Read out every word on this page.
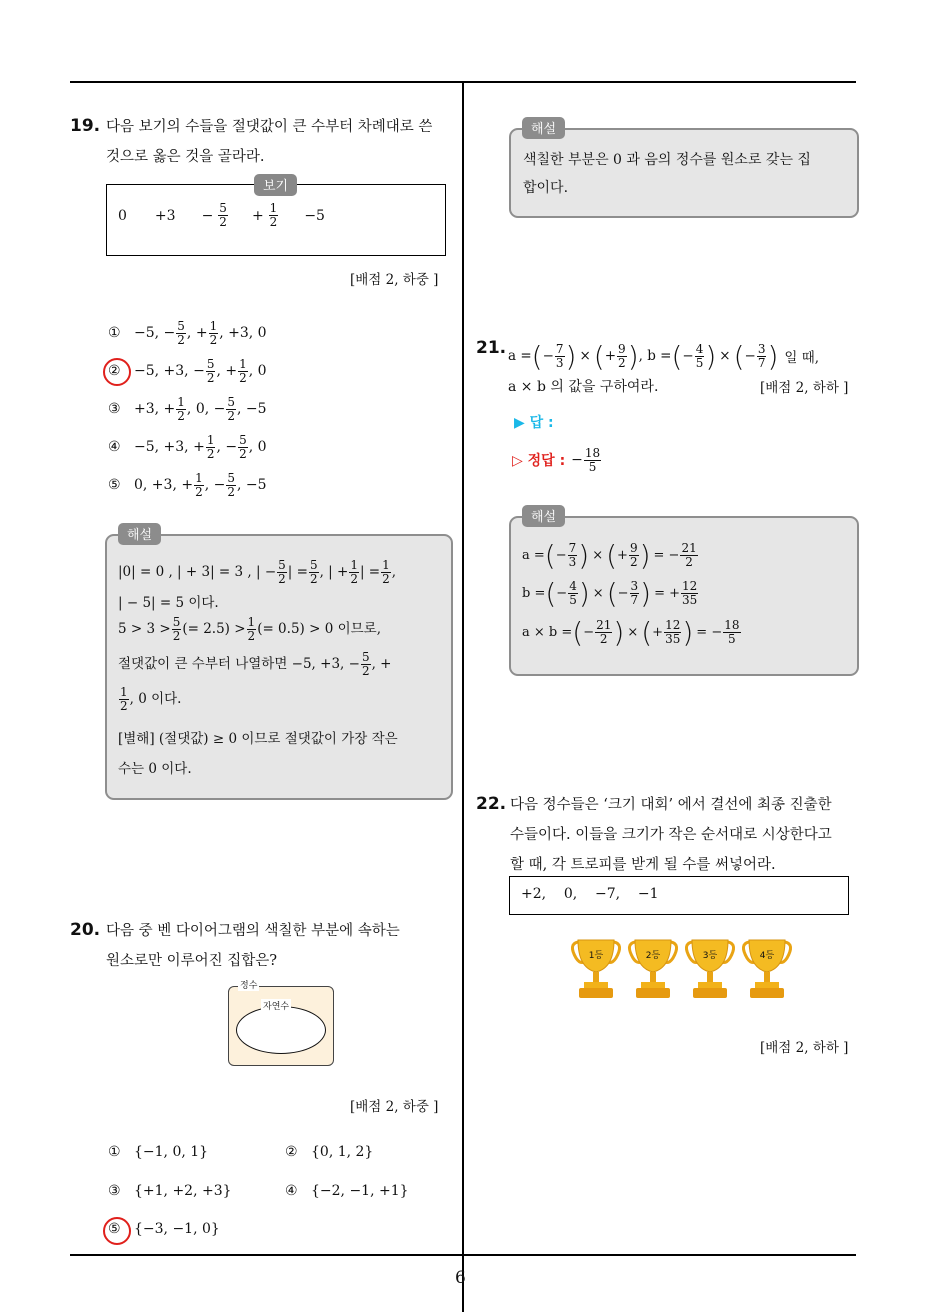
6
19. 다음 보기의 수들을 절댓값이 큰 수부터 차례대로 쓴
것으로 옳은 것을 골라라.
보기
$0 +3 - \frac{5}{2} + \frac{1}{2} -5$
[배점 2, 하중 ]
① −5, − $\frac{5}{2}$ , + $\frac{1}{2}$ , +3, 0
② −5, +3, − $\frac{5}{2}$ , + $\frac{1}{2}$ , 0
③ +3, + $\frac{1}{2}$ , 0, − $\frac{5}{2}$ , −5
④ −5, +3, + $\frac{1}{2}$ , − $\frac{5}{2}$ , 0
⑤ 0, +3, + $\frac{1}{2}$ , − $\frac{5}{2}$ , −5
해설
|0| = 0 , | + 3| = 3 , | − $\frac{5}{2}$ | = $\frac{5}{2}$ , | + $\frac{1}{2}$ | = $\frac{1}{2}$ ,
| − 5| = 5 이다.
$5 > 3 > \frac{5}{2}$ (= $2.5) > \frac{1}{2}$ (= 0.5) > 0 이므로,
절댓값이 큰 수부터 나열하면 −5, +3, − $\frac{5}{2}$ , +
$\frac{1}{2}$ , 0 이다.
[별해] (절댓값) ≥ 0 이므로 절댓값이 가장 작은
수는 0 이다.
20. 다음 중 벤 다이어그램의 색칠한 부분에 속하는
원소로만 이루어진 집합은?
정수
자연수
[배점 2, 하중 ]
① {−1, 0, 1}	② {0, 1, 2}
③ {+1, +2, +3}	④ {−2, −1, +1}
⑤ {−3, −1, 0}
해설
색칠한 부분은 0 과 음의 정수를 원소로 갖는 집
합이다.
21. a = ( − $\frac{7}{3}$ ) × ( + $\frac{9}{2}$ ) , b = ( − $\frac{4}{5}$ ) × ( − $\frac{3}{7}$ ) 일 때,
a × b 의 값을 구하여라.	[배점 2, 하하 ]
▶ 답 :
▷ 정답 : − $\frac{18}{5}$
해설
a = ( − $\frac{7}{3}$ ) × ( + $\frac{9}{2}$ ) = − $\frac{21}{2}$
b = ( − $\frac{4}{5}$ ) × ( − $\frac{3}{7}$ ) = + $\frac{12}{35}$
a × b = ( − $\frac{21}{2}$ ) × ( + $\frac{12}{35}$ ) = − $\frac{18}{5}$
22. 다음 정수들은 ‘크기 대회’ 에서 결선에 최종 진출한
수들이다. 이들을 크기가 작은 순서대로 시상한다고
할 때, 각 트로피를 받게 될 수를 써넣어라.
+2,    0,    −7,    −1
1등	2등	3등	4등
[배점 2, 하하 ]
